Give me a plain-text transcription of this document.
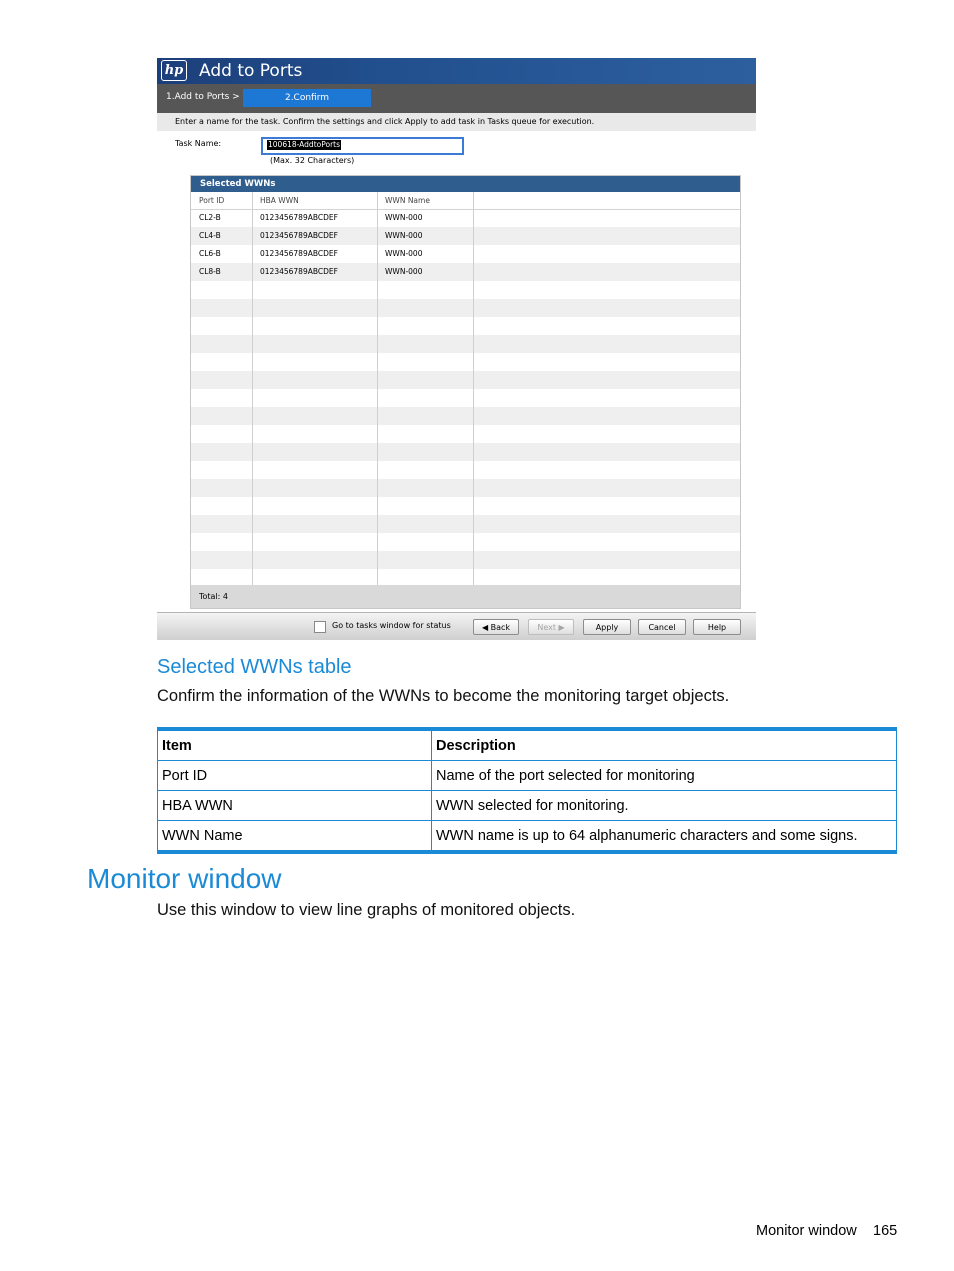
hp Add to Ports
1.Add to Ports >	2.Confirm
Enter a name for the task. Confirm the settings and click Apply to add task in Tasks queue for execution.
Task Name:	100618-AddtoPorts
(Max. 32 Characters)
Selected WWNs
Port ID	HBA WWN	WWN Name
CL2-B	0123456789ABCDEF	WWN-000
CL4-B	0123456789ABCDEF	WWN-000
CL6-B	0123456789ABCDEF	WWN-000
CL8-B	0123456789ABCDEF	WWN-000
Total: 4
Go to tasks window for status	◀ Back	Next ▶	Apply	Cancel	Help
Selected WWNs table
Confirm the information of the WWNs to become the monitoring target objects.
Item	Description
Port ID	Name of the port selected for monitoring
HBA WWN	WWN selected for monitoring.
WWN Name	WWN name is up to 64 alphanumeric characters and some signs.
Monitor window
Use this window to view line graphs of monitored objects.
Monitor window 165
